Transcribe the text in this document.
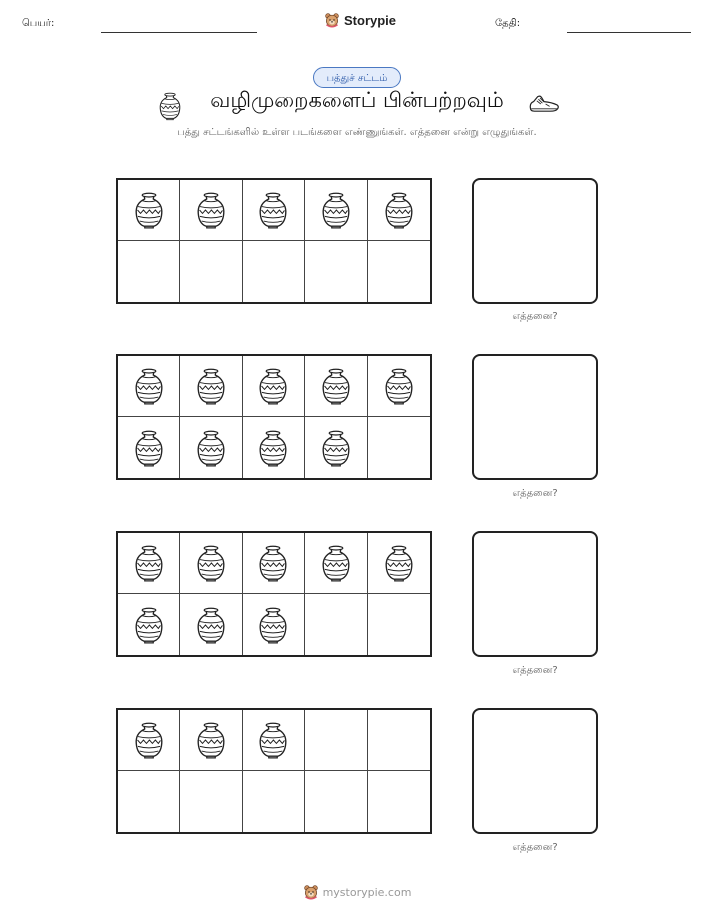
பெயர்:	Storypie	தேதி:
பத்துச் சட்டம்
வழிமுறைகளைப் பின்பற்றவும்
பத்து சட்டங்களில் உள்ள படங்களை எண்ணுங்கள். எத்தனை என்று எழுதுங்கள்.
எத்தனை?
எத்தனை?
எத்தனை?
எத்தனை?
mystorypie.com
